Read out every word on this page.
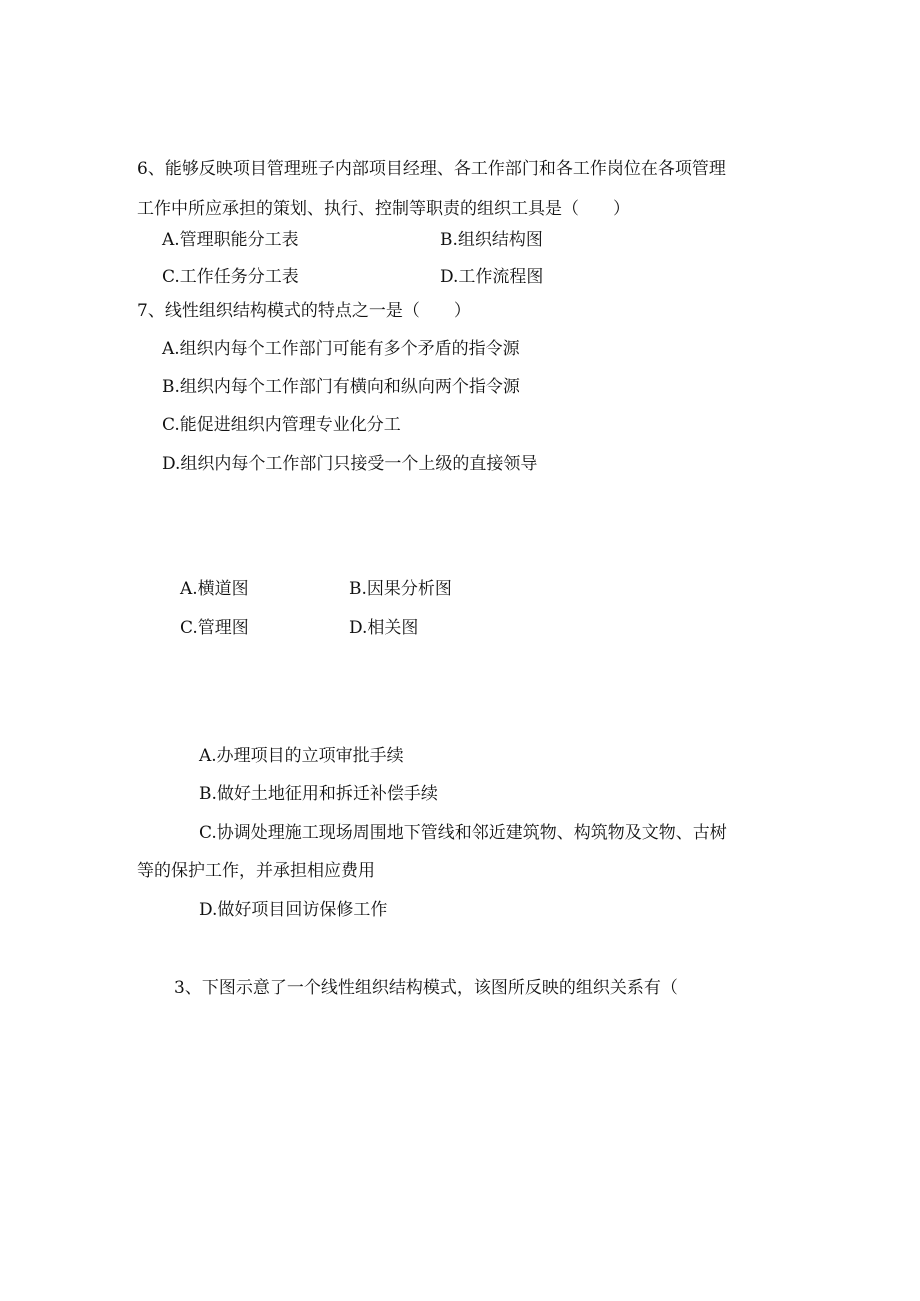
6、能够反映项目管理班子内部项目经理、各工作部门和各工作岗位在各项管理
工作中所应承担的策划、执行、控制等职责的组织工具是（　　）
A.管理职能分工表	B.组织结构图
C.工作任务分工表	D.工作流程图
7、线性组织结构模式的特点之一是（　　）
A.组织内每个工作部门可能有多个矛盾的指令源
B.组织内每个工作部门有横向和纵向两个指令源
C.能促进组织内管理专业化分工
D.组织内每个工作部门只接受一个上级的直接领导
A.横道图	B.因果分析图
C.管理图	D.相关图
A.办理项目的立项审批手续
B.做好土地征用和拆迁补偿手续
C.协调处理施工现场周围地下管线和邻近建筑物、构筑物及文物、古树
等的保护工作，并承担相应费用
D.做好项目回访保修工作
3、下图示意了一个线性组织结构模式，该图所反映的组织关系有（
